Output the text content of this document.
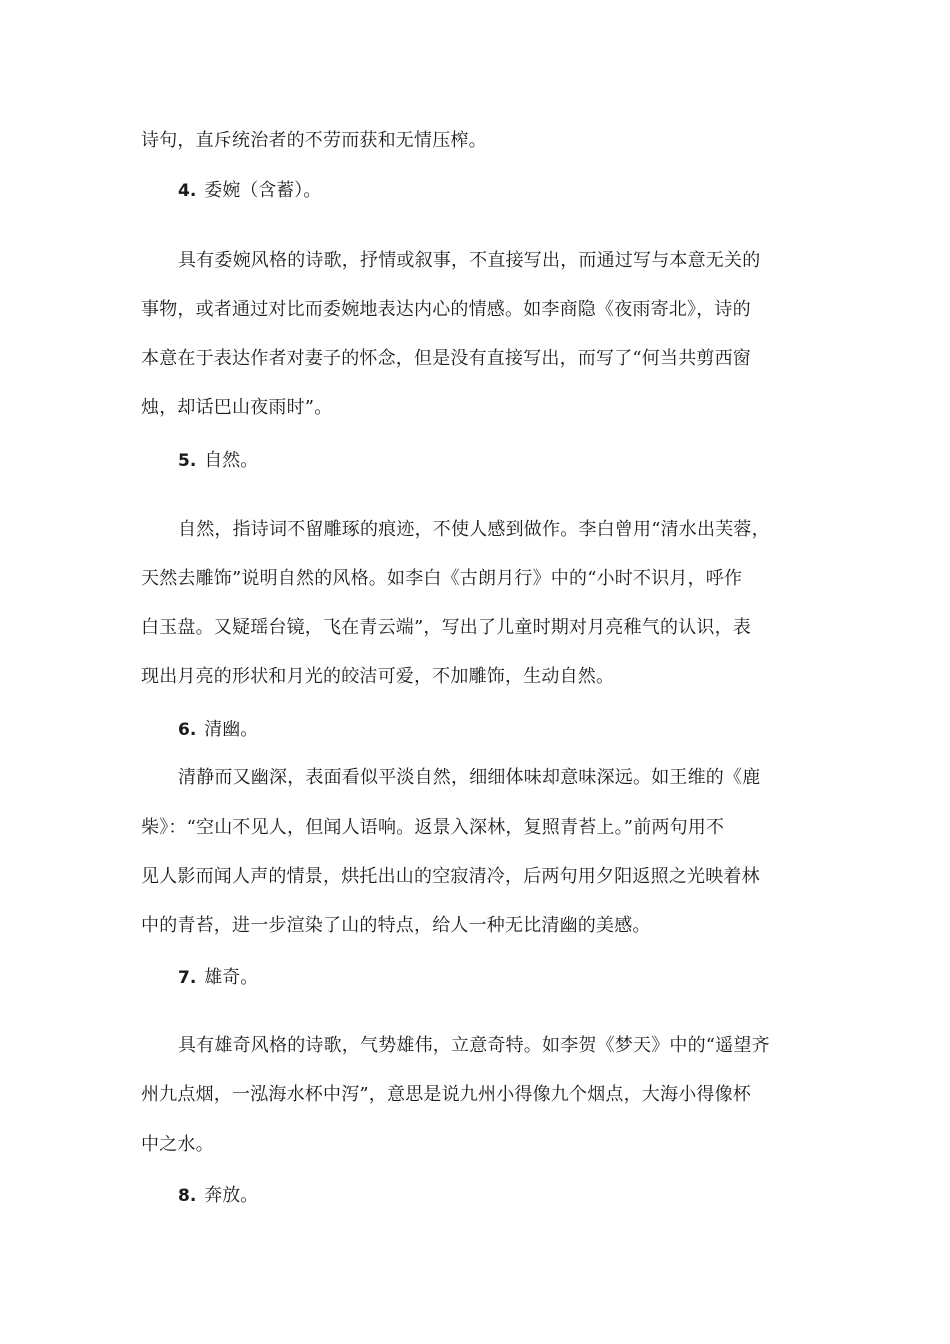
诗句，直斥统治者的不劳而获和无情压榨。
4. 委婉（含蓄）。
具有委婉风格的诗歌，抒情或叙事，不直接写出，而通过写与本意无关的
事物，或者通过对比而委婉地表达内心的情感。如李商隐《夜雨寄北》，诗的
本意在于表达作者对妻子的怀念，但是没有直接写出，而写了“何当共剪西窗
烛，却话巴山夜雨时”。
5. 自然。
自然，指诗词不留雕琢的痕迹，不使人感到做作。李白曾用“清水出芙蓉，
天然去雕饰”说明自然的风格。如李白《古朗月行》中的“小时不识月，呼作
白玉盘。又疑瑶台镜，飞在青云端”，写出了儿童时期对月亮稚气的认识，表
现出月亮的形状和月光的皎洁可爱，不加雕饰，生动自然。
6. 清幽。
清静而又幽深，表面看似平淡自然，细细体味却意味深远。如王维的《鹿
柴》：“空山不见人，但闻人语响。返景入深林，复照青苔上。”前两句用不
见人影而闻人声的情景，烘托出山的空寂清冷，后两句用夕阳返照之光映着林
中的青苔，进一步渲染了山的特点，给人一种无比清幽的美感。
7. 雄奇。
具有雄奇风格的诗歌，气势雄伟，立意奇特。如李贺《梦天》中的“遥望齐
州九点烟，一泓海水杯中泻”，意思是说九州小得像九个烟点，大海小得像杯
中之水。
8. 奔放。
